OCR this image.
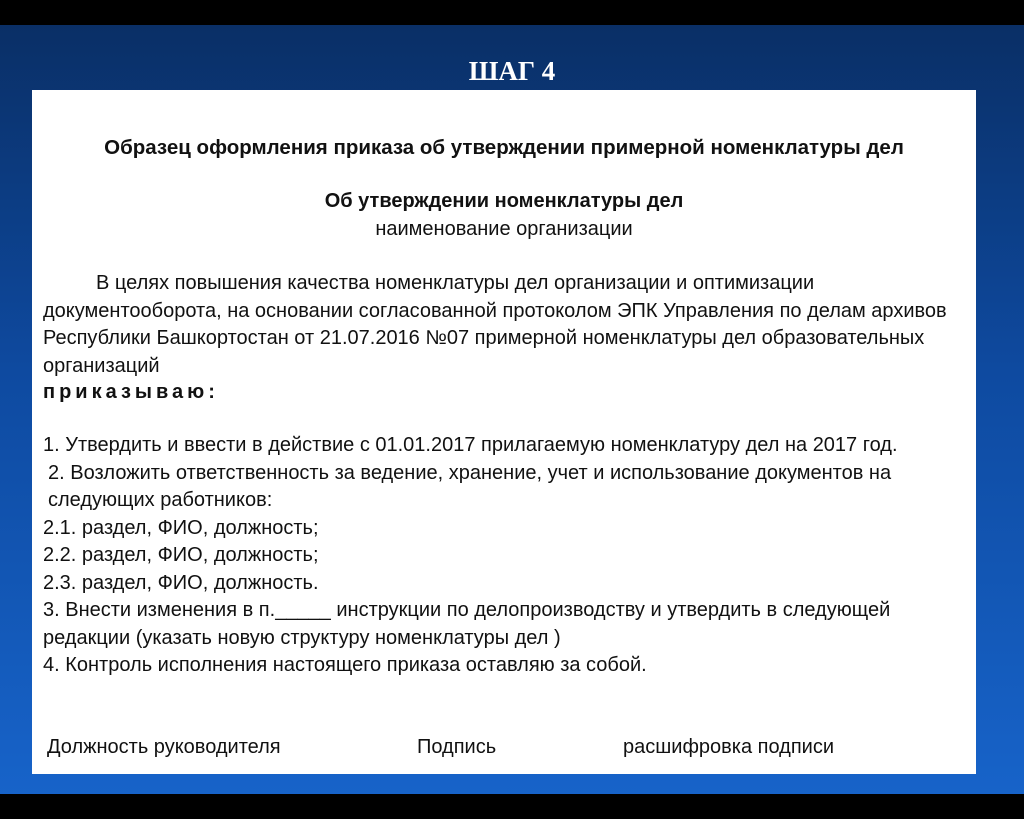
ШАГ 4
Образец оформления приказа об утверждении примерной номенклатуры дел
Об утверждении номенклатуры дел
наименование организации

В целях повышения качества номенклатуры дел организации и оптимизации документооборота, на основании согласованной протоколом ЭПК Управления по делам архивов Республики Башкортостан от 21.07.2016 №07 примерной номенклатуры дел образовательных организаций

приказываю:

1. Утвердить и ввести в действие с 01.01.2017 прилагаемую номенклатуру дел на 2017 год.
2. Возложить ответственность за ведение, хранение, учет и использование документов на следующих работников:
2.1. раздел, ФИО, должность;
2.2. раздел, ФИО, должность;
2.3. раздел, ФИО, должность.
3. Внести изменения в п._____ инструкции по делопроизводству и утвердить в следующей редакции (указать новую структуру номенклатуры дел )
4. Контроль исполнения настоящего приказа оставляю за собой.
Должность руководителя	Подпись	расшифровка подписи
